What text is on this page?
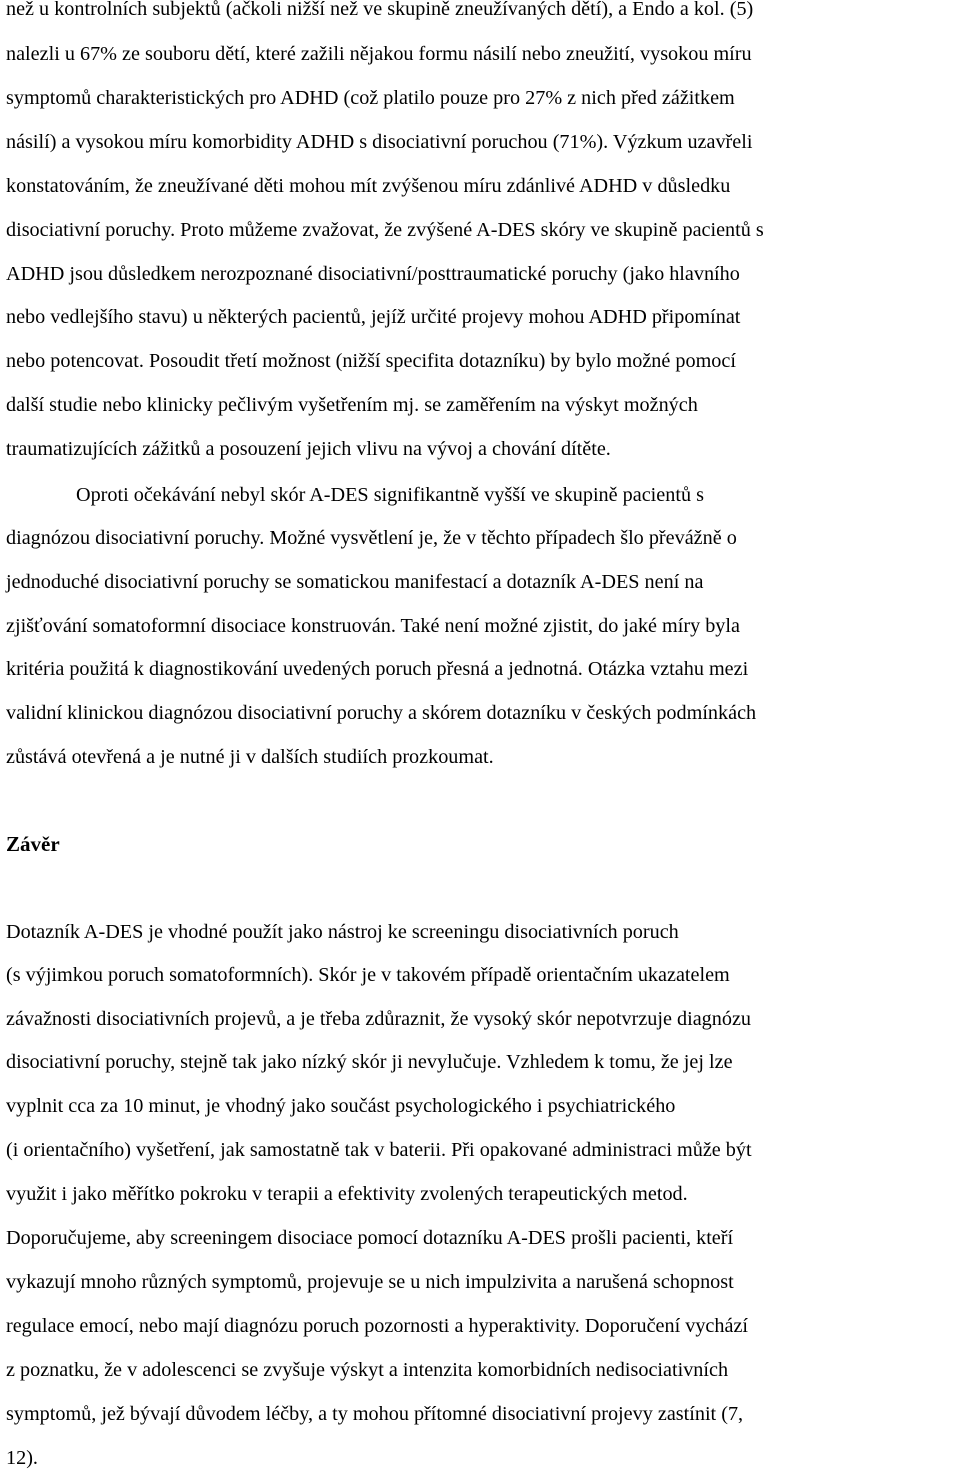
než u kontrolních subjektů (ačkoli nižší než ve skupině zneužívaných dětí), a Endo a kol. (5)
nalezli u 67% ze souboru dětí, které zažili nějakou formu násilí nebo zneužití, vysokou míru
symptomů charakteristických pro ADHD (což platilo pouze pro 27% z nich před zážitkem
násilí) a vysokou míru komorbidity ADHD s disociativní poruchou (71%). Výzkum uzavřeli
konstatováním, že zneužívané děti mohou mít zvýšenou míru zdánlivé ADHD v důsledku
disociativní poruchy. Proto můžeme zvažovat, že zvýšené A-DES skóry ve skupině pacientů s
ADHD jsou důsledkem nerozpoznané disociativní/posttraumatické poruchy (jako hlavního
nebo vedlejšího stavu) u některých pacientů, jejíž určité projevy mohou ADHD připomínat
nebo potencovat. Posoudit třetí možnost (nižší specifita dotazníku) by bylo možné pomocí
další studie nebo klinicky pečlivým vyšetřením mj. se zaměřením na výskyt možných
traumatizujících zážitků a posouzení jejich vlivu na vývoj a chování dítěte.
Oproti očekávání nebyl skór A-DES signifikantně vyšší ve skupině pacientů s
diagnózou disociativní poruchy. Možné vysvětlení je, že v těchto případech šlo převážně o
jednoduché disociativní poruchy se somatickou manifestací a dotazník A-DES není na
zjišťování somatoformní disociace konstruován. Také není možné zjistit, do jaké míry byla
kritéria použitá k diagnostikování uvedených poruch přesná a jednotná. Otázka vztahu mezi
validní klinickou diagnózou disociativní poruchy a skórem dotazníku v českých podmínkách
zůstává otevřená a je nutné ji v dalších studiích prozkoumat.
Závěr
Dotazník A-DES je vhodné použít jako nástroj ke screeningu disociativních poruch
(s výjimkou poruch somatoformních). Skór je v takovém případě orientačním ukazatelem
závažnosti disociativních projevů, a je třeba zdůraznit, že vysoký skór nepotvrzuje diagnózu
disociativní poruchy, stejně tak jako nízký skór ji nevylučuje. Vzhledem k tomu, že jej lze
vyplnit cca za 10 minut, je vhodný jako součást psychologického i psychiatrického
(i orientačního) vyšetření, jak samostatně tak v baterii. Při opakované administraci může být
využit i jako měřítko pokroku v terapii a efektivity zvolených terapeutických metod.
Doporučujeme, aby screeningem disociace pomocí dotazníku A-DES prošli pacienti, kteří
vykazují mnoho různých symptomů, projevuje se u nich impulzivita a narušená schopnost
regulace emocí, nebo mají diagnózu poruch pozornosti a hyperaktivity. Doporučení vychází
z poznatku, že v adolescenci se zvyšuje výskyt a intenzita komorbidních nedisociativních
symptomů, jež bývají důvodem léčby, a ty mohou přítomné disociativní projevy zastínit (7,
12).
